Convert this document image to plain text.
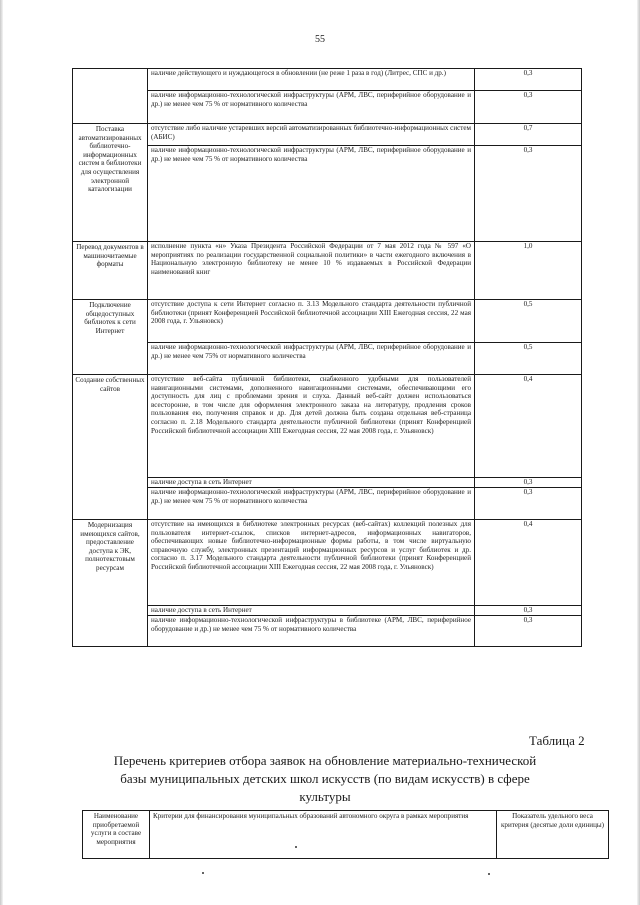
55
	наличие действующего и нуждающегося в обновлении (не реже 1 раза в год) (Литрес, СПС и др.)	0,3
	наличие информационно-технологической инфраструктуры (АРМ, ЛВС, периферийное оборудование и др.) не менее чем 75 % от нормативного количества	0,3
Поставка автоматизированных библиотечно-информационных систем в библиотеки для осуществления электронной каталогизации	отсутствие либо наличие устаревших версий автоматизированных библиотечно-информационных систем (АБИС)	0,7
	наличие информационно-технологической инфраструктуры (АРМ, ЛВС, периферийное оборудование и др.) не менее чем 75 % от нормативного количества	0,3
Перевод документов в машиночитаемые форматы	исполнение пункта «н» Указа Президента Российской Федерации от 7 мая 2012 года № 597 «О мероприятиях по реализации государственной социальной политики» в части ежегодного включения в Национальную электронную библиотеку не менее 10 % издаваемых в Российской Федерации наименований книг	1,0
Подключение общедоступных библиотек к сети Интернет	отсутствие доступа к сети Интернет согласно п. 3.13 Модельного стандарта деятельности публичной библиотеки (принят Конференцией Российской библиотечной ассоциации XIII Ежегодная сессия, 22 мая 2008 года, г. Ульяновск)	0,5
	наличие информационно-технологической инфраструктуры (АРМ, ЛВС, периферийное оборудование и др.) не менее чем 75% от нормативного количества	0,5
Создание собственных сайтов	отсутствие веб-сайта публичной библиотеки, снабженного удобными для пользователей навигационными системами, дополненного навигационными системами, обеспечивающими его доступность для лиц с проблемами зрения и слуха. Данный веб-сайт должен использоваться всесторонне, в том числе для оформления электронного заказа на литературу, продления сроков пользования ею, получения справок и др. Для детей должна быть создана отдельная веб-страница согласно п. 2.18 Модельного стандарта деятельности публичной библиотеки (принят Конференцией Российской библиотечной ассоциации XIII Ежегодная сессия, 22 мая 2008 года, г. Ульяновск)	0,4
	наличие доступа в сеть Интернет	0,3
	наличие информационно-технологической инфраструктуры (АРМ, ЛВС, периферийное оборудование и др.) не менее чем 75 % от нормативного количества	0,3
Модернизация имеющихся сайтов, предоставление доступа к ЭК, полнотекстовым ресурсам	отсутствие на имеющихся в библиотеке электронных ресурсах (веб-сайтах) коллекций полезных для пользователя интернет-ссылок, списков интернет-адресов, информационных навигаторов, обеспечивающих новые библиотечно-информационные формы работы, в том числе виртуальную справочную службу, электронных презентаций информационных ресурсов и услуг библиотек и др. согласно п. 3.17 Модельного стандарта деятельности публичной библиотеки (принят Конференцией Российской библиотечной ассоциации XIII Ежегодная сессия, 22 мая 2008 года, г. Ульяновск)	0,4
	наличие доступа в сеть Интернет	0,3
	наличие информационно-технологической инфраструктуры в библиотеке (АРМ, ЛВС, периферийное оборудование и др.) не менее чем 75 % от нормативного количества	0,3
Таблица 2
Перечень критериев отбора заявок на обновление материально-технической базы муниципальных детских школ искусств (по видам искусств) в сфере культуры
Наименование приобретаемой услуги в составе мероприятия	Критерии для финансирования муниципальных образований автономного округа в рамках мероприятия	Показатель удельного веса критерия (десятые доли единицы)
